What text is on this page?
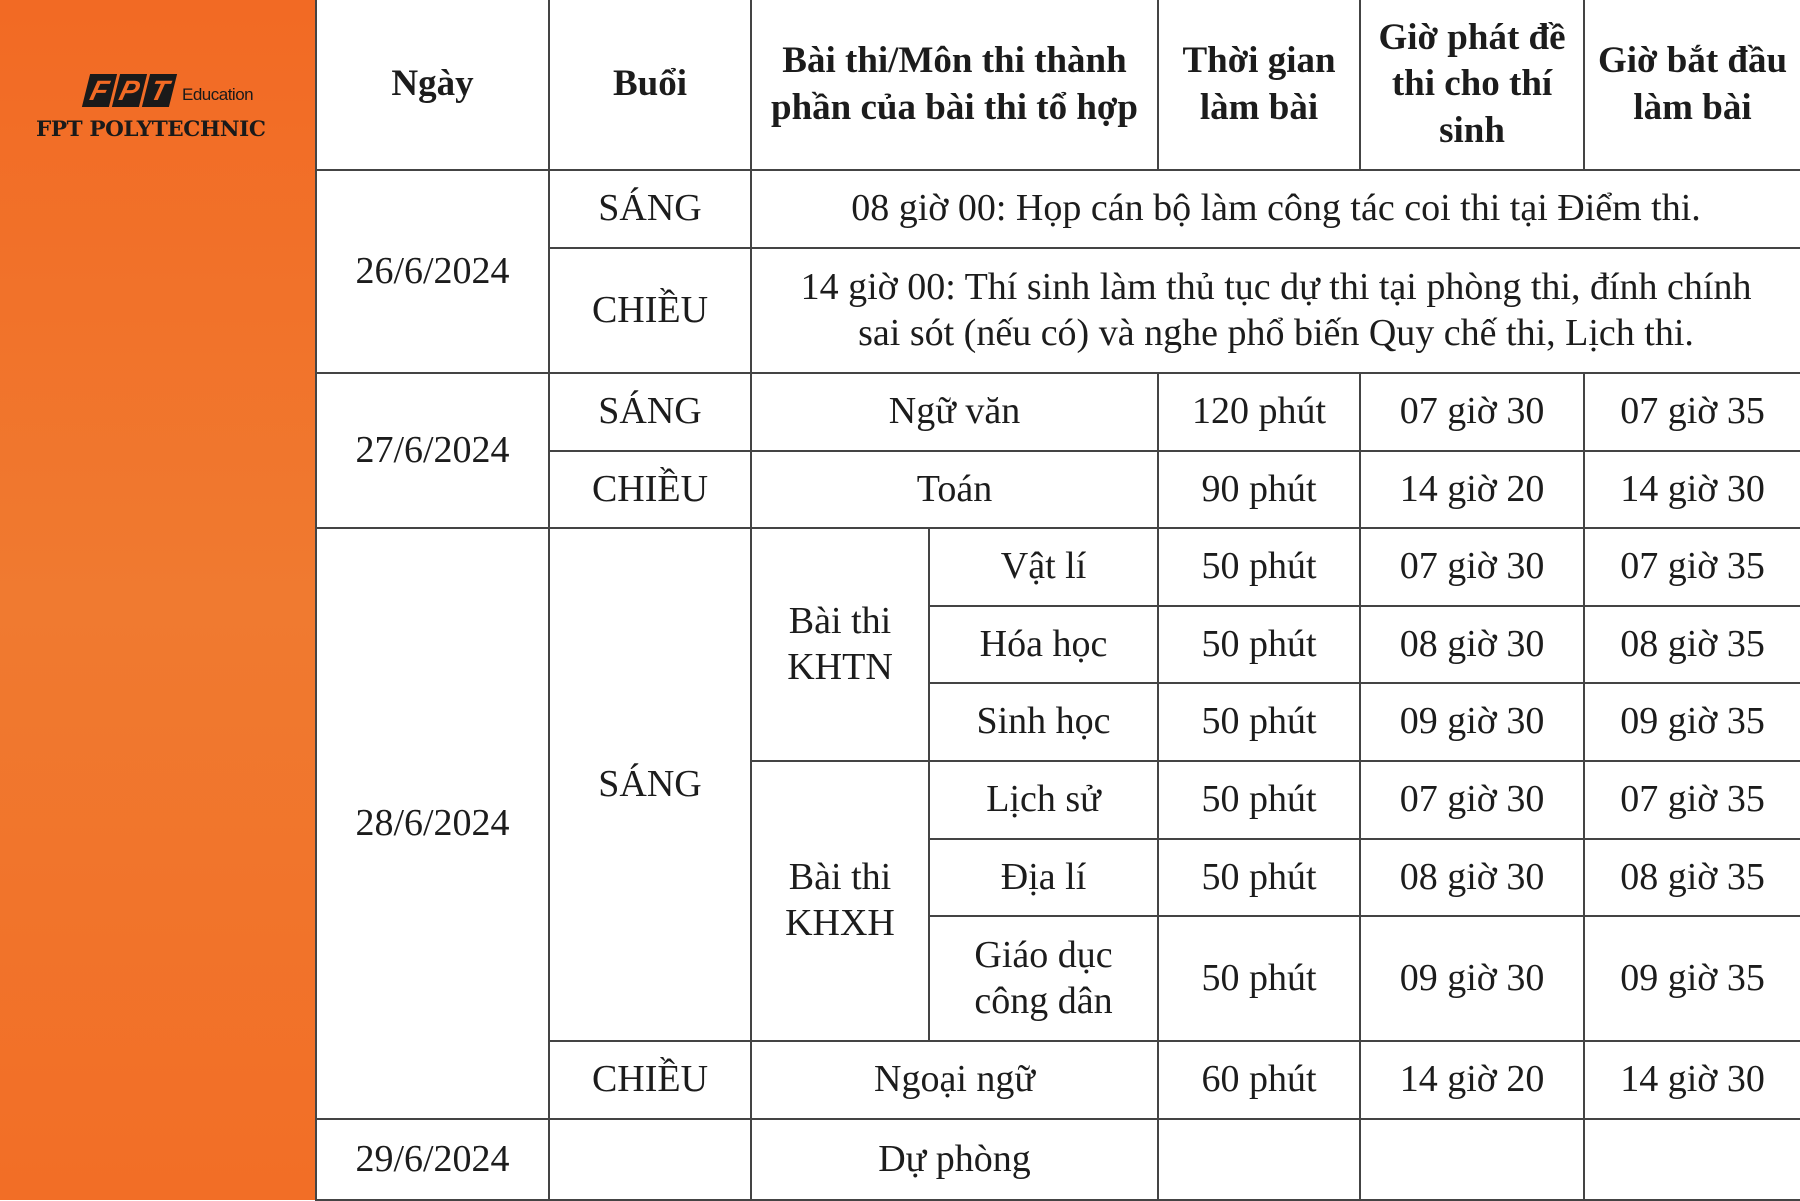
F P T Education
FPT POLYTECHNIC
Ngày	Buổi	Bài thi/Môn thi thành phần của bài thi tổ hợp		Thời gian làm bài	Giờ phát đề thi cho thí sinh	Giờ bắt đầu làm bài
26/6/2024	SÁNG	08 giờ 00: Họp cán bộ làm công tác coi thi tại Điểm thi.				
	CHIỀU	14 giờ 00: Thí sinh làm thủ tục dự thi tại phòng thi, đính chính
sai sót (nếu có) và nghe phổ biến Quy chế thi, Lịch thi.				

27/6/2024	SÁNG	Ngữ văn		120 phút	07 giờ 30	07 giờ 35
	CHIỀU	Toán		90 phút	14 giờ 20	14 giờ 30
28/6/2024	SÁNG	Bài thi KHTN	Vật lí	50 phút	07 giờ 30	07 giờ 35
			Hóa học	50 phút	08 giờ 30	08 giờ 35
			Sinh học	50 phút	09 giờ 30	09 giờ 35
		Bài thi KHXH	Lịch sử	50 phút	07 giờ 30	07 giờ 35
			Địa lí	50 phút	08 giờ 30	08 giờ 35
			Giáo dục công dân	50 phút	09 giờ 30	09 giờ 35
	CHIỀU	Ngoại ngữ		60 phút	14 giờ 20	14 giờ 30
29/6/2024		Dự phòng				
